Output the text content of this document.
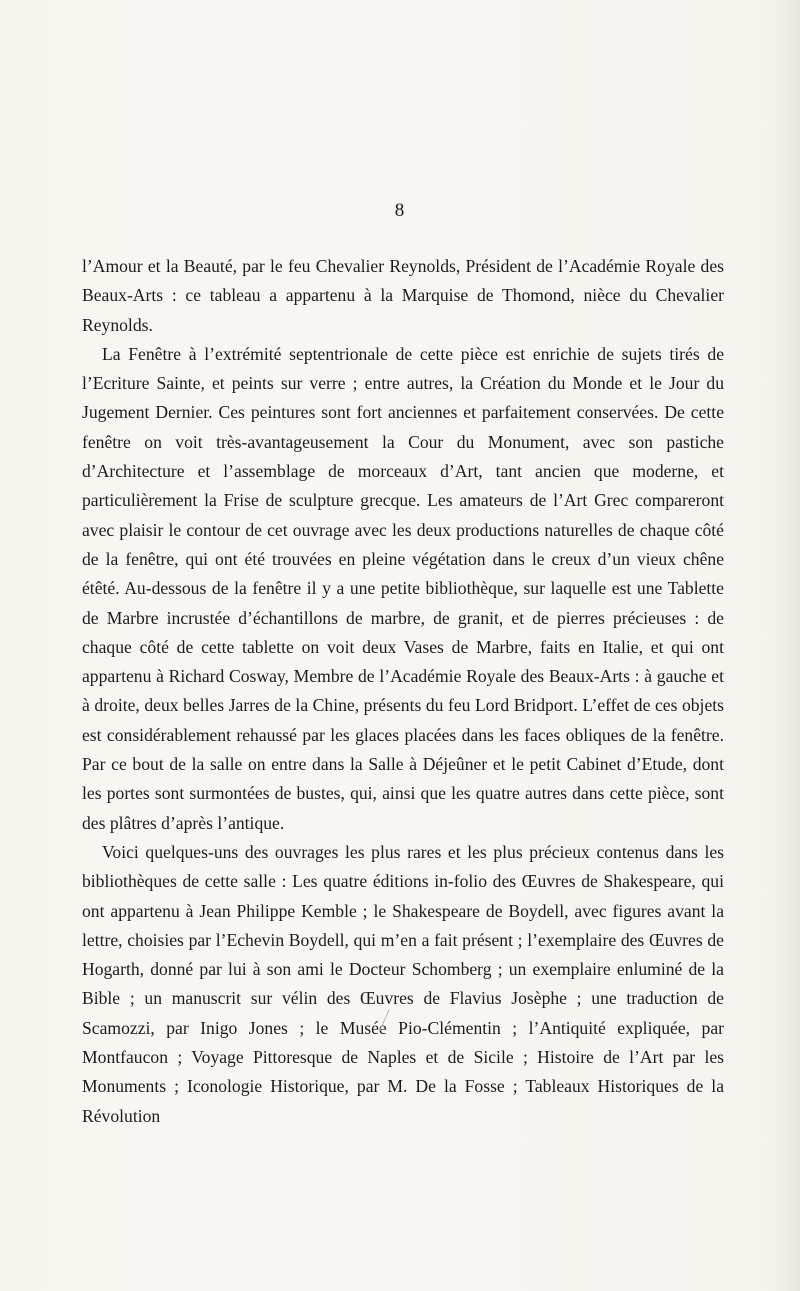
8

l’Amour et la Beauté, par le feu Chevalier Reynolds, Président de l’Académie Royale des Beaux-Arts : ce tableau a appartenu à la Marquise de Thomond, nièce du Chevalier Reynolds.

La Fenêtre à l’extrémité septentrionale de cette pièce est enrichie de sujets tirés de l’Ecriture Sainte, et peints sur verre ; entre autres, la Création du Monde et le Jour du Jugement Dernier. Ces peintures sont fort anciennes et parfaitement conservées. De cette fenêtre on voit très-avantageusement la Cour du Monument, avec son pastiche d’Architecture et l’assemblage de morceaux d’Art, tant ancien que moderne, et particulièrement la Frise de sculpture grecque. Les amateurs de l’Art Grec compareront avec plaisir le contour de cet ouvrage avec les deux productions naturelles de chaque côté de la fenêtre, qui ont été trouvées en pleine végétation dans le creux d’un vieux chêne étêté. Au-dessous de la fenêtre il y a une petite bibliothèque, sur laquelle est une Tablette de Marbre incrustée d’échantillons de marbre, de granit, et de pierres précieuses : de chaque côté de cette tablette on voit deux Vases de Marbre, faits en Italie, et qui ont appartenu à Richard Cosway, Membre de l’Académie Royale des Beaux-Arts : à gauche et à droite, deux belles Jarres de la Chine, présents du feu Lord Bridport. L’effet de ces objets est considérablement rehaussé par les glaces placées dans les faces obliques de la fenêtre. Par ce bout de la salle on entre dans la Salle à Déjeûner et le petit Cabinet d’Etude, dont les portes sont surmontées de bustes, qui, ainsi que les quatre autres dans cette pièce, sont des plâtres d’après l’antique.

Voici quelques-uns des ouvrages les plus rares et les plus précieux contenus dans les bibliothèques de cette salle : Les quatre éditions in-folio des Œuvres de Shakespeare, qui ont appartenu à Jean Philippe Kemble ; le Shakespeare de Boydell, avec figures avant la lettre, choisies par l’Echevin Boydell, qui m’en a fait présent ; l’exemplaire des Œuvres de Hogarth, donné par lui à son ami le Docteur Schomberg ; un exemplaire enluminé de la Bible ; un manuscrit sur vélin des Œuvres de Flavius Josèphe ; une traduction de Scamozzi, par Inigo Jones ; le Musée Pio-Clémentin ; l’Antiquité expliquée, par Montfaucon ; Voyage Pittoresque de Naples et de Sicile ; Histoire de l’Art par les Monuments ; Iconologie Historique, par M. De la Fosse ; Tableaux Historiques de la Révolution
